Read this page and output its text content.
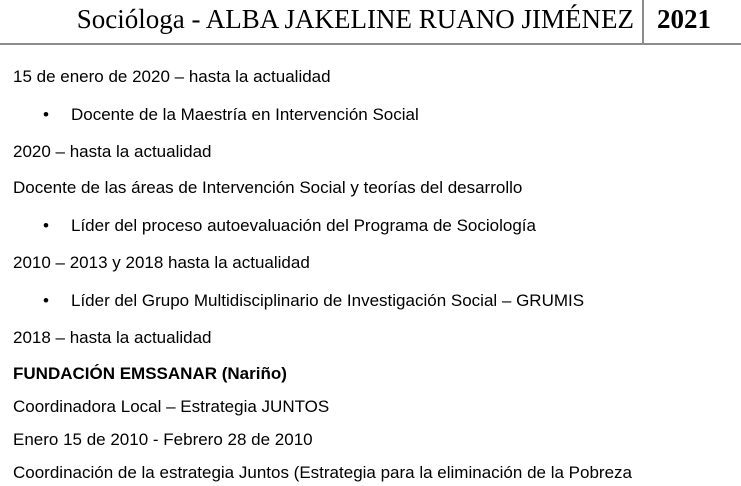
Socióloga - ALBA JAKELINE RUANO JIMÉNEZ 2021
15 de enero de 2020 – hasta la actualidad
• Docente de la Maestría en Intervención Social
2020 – hasta la actualidad
Docente de las áreas de Intervención Social y teorías del desarrollo
• Líder del proceso autoevaluación del Programa de Sociología
2010 – 2013 y 2018 hasta la actualidad
• Líder del Grupo Multidisciplinario de Investigación Social – GRUMIS
2018 – hasta la actualidad
FUNDACIÓN EMSSANAR (Nariño)
Coordinadora Local – Estrategia JUNTOS
Enero 15 de 2010 - Febrero 28 de 2010
Coordinación de la estrategia Juntos (Estrategia para la eliminación de la Pobreza
